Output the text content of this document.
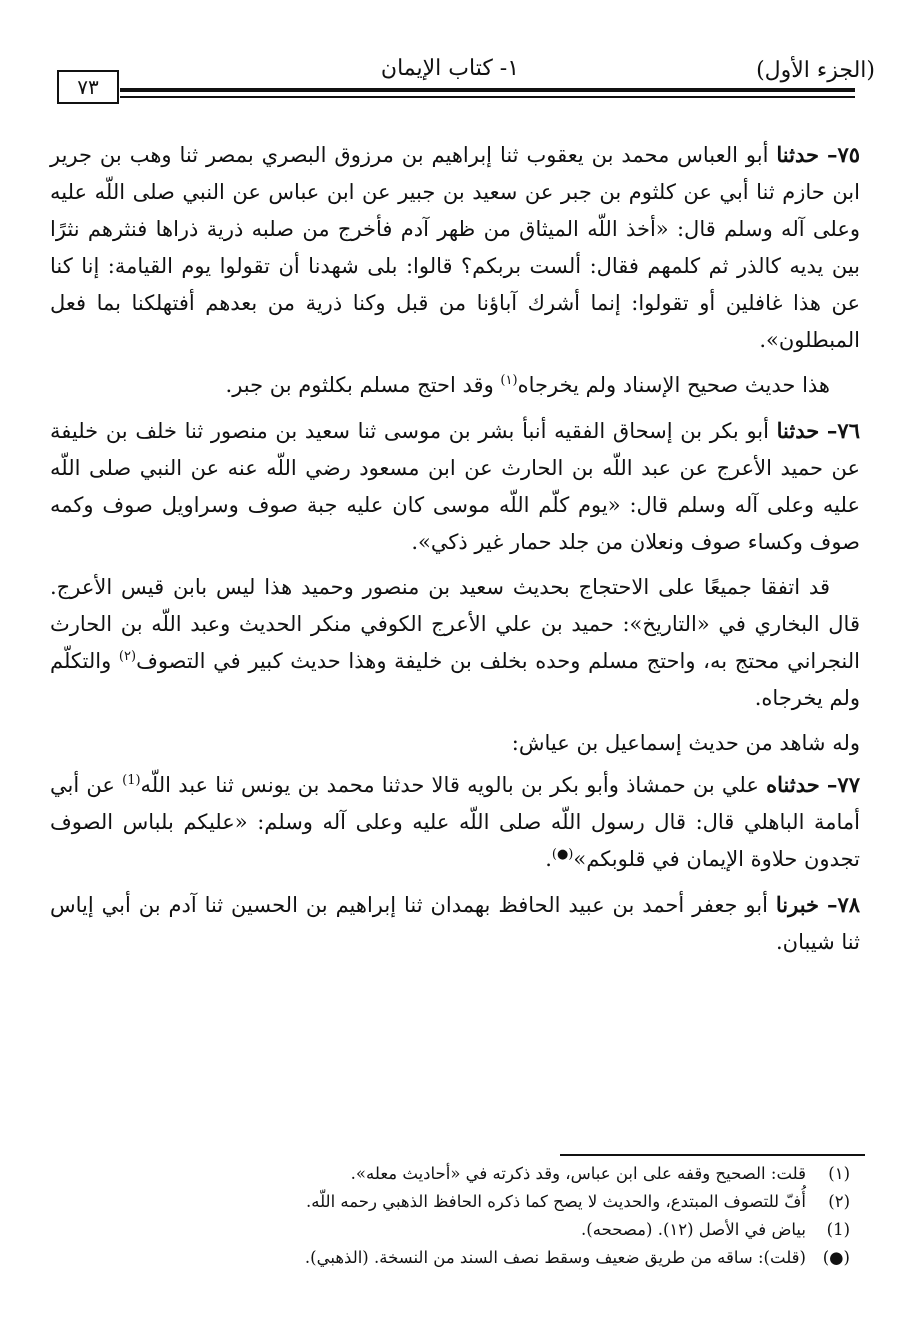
٧٣
١- كتاب الإيمان	(الجزء الأول)

٧٥– حدثنا أبو العباس محمد بن يعقوب ثنا إبراهيم بن مرزوق البصري بمصر ثنا وهب بن جرير ابن حازم ثنا أبي عن كلثوم بن جبر عن سعيد بن جبير عن ابن عباس عن النبي صلى اللّه عليه وعلى آله وسلم قال: «أخذ اللّه الميثاق من ظهر آدم فأخرج من صلبه ذرية ذراها فنثرهم نثرًا بين يديه كالذر ثم كلمهم فقال: ألست بربكم؟ قالوا: بلى شهدنا أن تقولوا يوم القيامة: إنا كنا عن هذا غافلين أو تقولوا: إنما أشرك آباؤنا من قبل وكنا ذرية من بعدهم أفتهلكنا بما فعل المبطلون».

هذا حديث صحيح الإسناد ولم يخرجاه$^{(١)}$ وقد احتج مسلم بكلثوم بن جبر.

٧٦– حدثنا أبو بكر بن إسحاق الفقيه أنبأ بشر بن موسى ثنا سعيد بن منصور ثنا خلف بن خليفة عن حميد الأعرج عن عبد اللّه بن الحارث عن ابن مسعود رضي اللّه عنه عن النبي صلى اللّه عليه وعلى آله وسلم قال: «يوم كلّم اللّه موسى كان عليه جبة صوف وسراويل صوف وكمه صوف وكساء صوف ونعلان من جلد حمار غير ذكي».

قد اتفقا جميعًا على الاحتجاج بحديث سعيد بن منصور وحميد هذا ليس بابن قيس الأعرج. قال البخاري في «التاريخ»: حميد بن علي الأعرج الكوفي منكر الحديث وعبد اللّه بن الحارث النجراني محتج به، واحتج مسلم وحده بخلف بن خليفة وهذا حديث كبير في التصوف$^{(٢)}$ والتكلّم ولم يخرجاه.

وله شاهد من حديث إسماعيل بن عياش:

٧٧– حدثناه علي بن حمشاذ وأبو بكر بن بالويه قالا حدثنا محمد بن يونس ثنا عبد اللّه$^{(1)}$ عن أبي أمامة الباهلي قال: قال رسول اللّه صلى اللّه عليه وعلى آله وسلم: «عليكم بلباس الصوف تجدون حلاوة الإيمان في قلوبكم»(●).

٧٨– خبرنا أبو جعفر أحمد بن عبيد الحافظ بهمدان ثنا إبراهيم بن الحسين ثنا آدم بن أبي إياس ثنا شيبان.

(١)
قلت: الصحيح وقفه على ابن عباس، وقد ذكرته في «أحاديث معله».
(٢)
أُفّ للتصوف المبتدع، والحديث لا يصح كما ذكره الحافظ الذهبي رحمه اللّه.
(1)
بياض في الأصل (١٢). (مصححه).
(●)
(قلت): ساقه من طريق ضعيف وسقط نصف السند من النسخة. (الذهبي).
